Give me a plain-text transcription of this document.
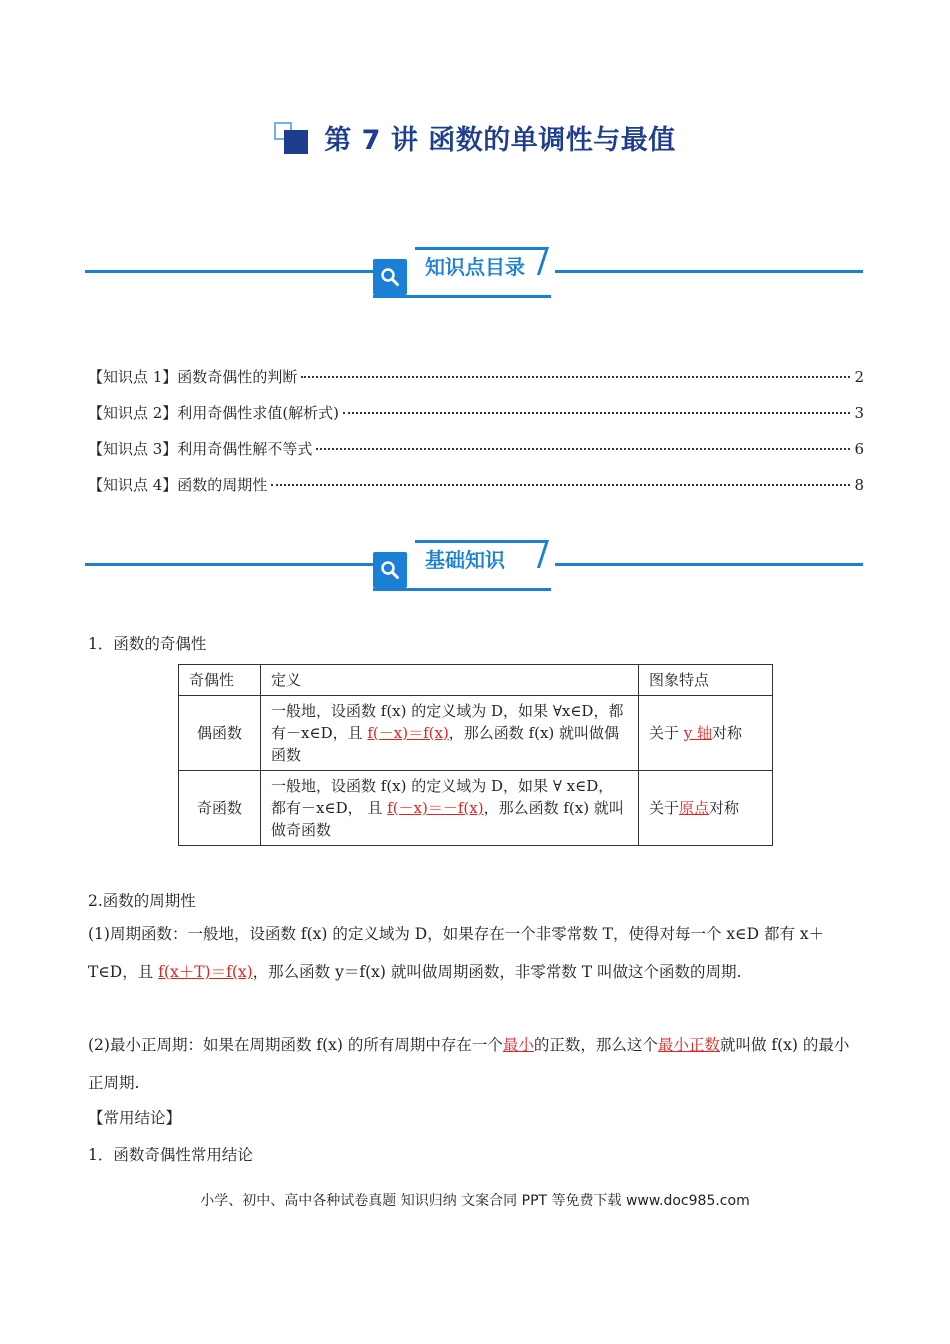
第 7 讲 函数的单调性与最值
知识点目录
【知识点 1】函数奇偶性的判断	2
【知识点 2】利用奇偶性求值(解析式)	3
【知识点 3】利用奇偶性解不等式	6
【知识点 4】函数的周期性	8
基础知识
1．函数的奇偶性
奇偶性	定义	图象特点
偶函数	一般地，设函数 f(x) 的定义域为 D，如果 ∀x∈D，都有－x∈D，且 f(－x)＝f(x)，那么函数 f(x) 就叫做偶函数	关于 y 轴对称
奇函数	一般地，设函数 f(x) 的定义域为 D，如果 ∀ x∈D， 都有－x∈D， 且 f(－x)＝－f(x)，那么函数 f(x) 就叫做奇函数	关于原点对称
2.函数的周期性
(1)周期函数：一般地，设函数 f(x) 的定义域为 D，如果存在一个非零常数 T，使得对每一个 x∈D 都有 x＋T∈D，且 f(x＋T)＝f(x)，那么函数 y＝f(x) 就叫做周期函数，非零常数 T 叫做这个函数的周期.
(2)最小正周期：如果在周期函数 f(x) 的所有周期中存在一个最小的正数，那么这个最小正数就叫做 f(x) 的最小正周期.
【常用结论】
1．函数奇偶性常用结论
小学、初中、高中各种试卷真题 知识归纳 文案合同 PPT 等免费下载 www.doc985.com
